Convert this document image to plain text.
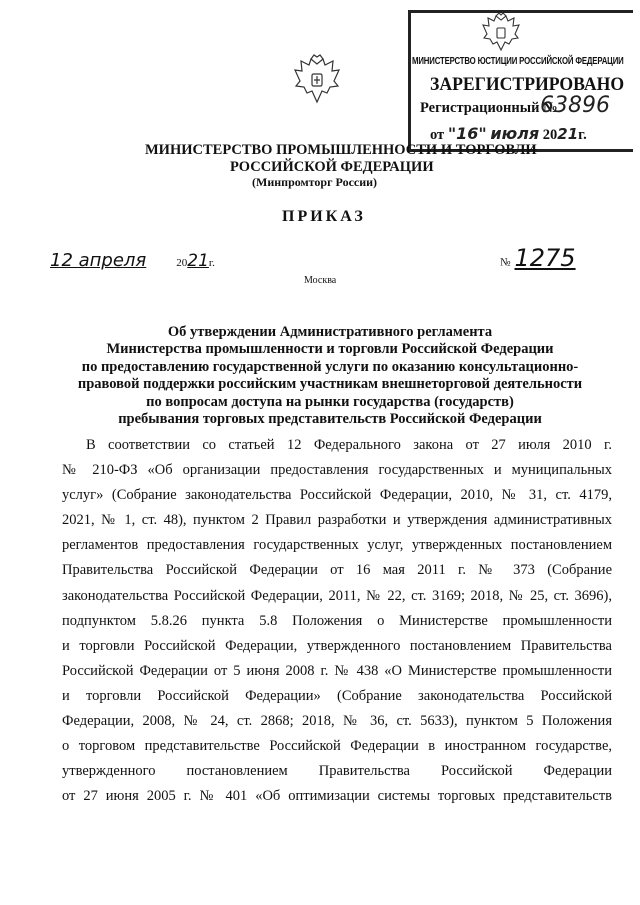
МИНИСТЕРСТВО ЮСТИЦИИ РОССИЙСКОЙ ФЕДЕРАЦИИ
ЗАРЕГИСТРИРОВАНО
Регистрационный №
63896
от "16" июля 2021г.
МИНИСТЕРСТВО ПРОМЫШЛЕННОСТИ И ТОРГОВЛИ
РОССИЙСКОЙ ФЕДЕРАЦИИ
(Минпромторг России)
ПРИКАЗ
12 апреля	2021г.	№ 1275
Москва
Об утверждении Административного регламента
Министерства промышленности и торговли Российской Федерации
по предоставлению государственной услуги по оказанию консультационно-
правовой поддержки российским участникам внешнеторговой деятельности
по вопросам доступа на рынки государства (государств)
пребывания торговых представительств Российской Федерации
В соответствии со статьей 12 Федерального закона от 27 июля 2010 г.
№ 210-ФЗ «Об организации предоставления государственных и муниципальных
услуг» (Собрание законодательства Российской Федерации, 2010, № 31, ст. 4179,
2021, № 1, ст. 48), пунктом 2 Правил разработки и утверждения административных
регламентов предоставления государственных услуг, утвержденных постановлением
Правительства Российской Федерации от 16 мая 2011 г. № 373 (Собрание
законодательства Российской Федерации, 2011, № 22, ст. 3169; 2018, № 25, ст. 3696),
подпунктом 5.8.26 пункта 5.8 Положения о Министерстве промышленности
и торговли Российской Федерации, утвержденного постановлением Правительства
Российской Федерации от 5 июня 2008 г. № 438 «О Министерстве промышленности
и торговли Российской Федерации» (Собрание законодательства Российской
Федерации, 2008, № 24, ст. 2868; 2018, № 36, ст. 5633), пунктом 5 Положения
о торговом представительстве Российской Федерации в иностранном государстве,
утвержденного постановлением Правительства Российской Федерации
от 27 июня 2005 г. № 401 «Об оптимизации системы торговых представительств
